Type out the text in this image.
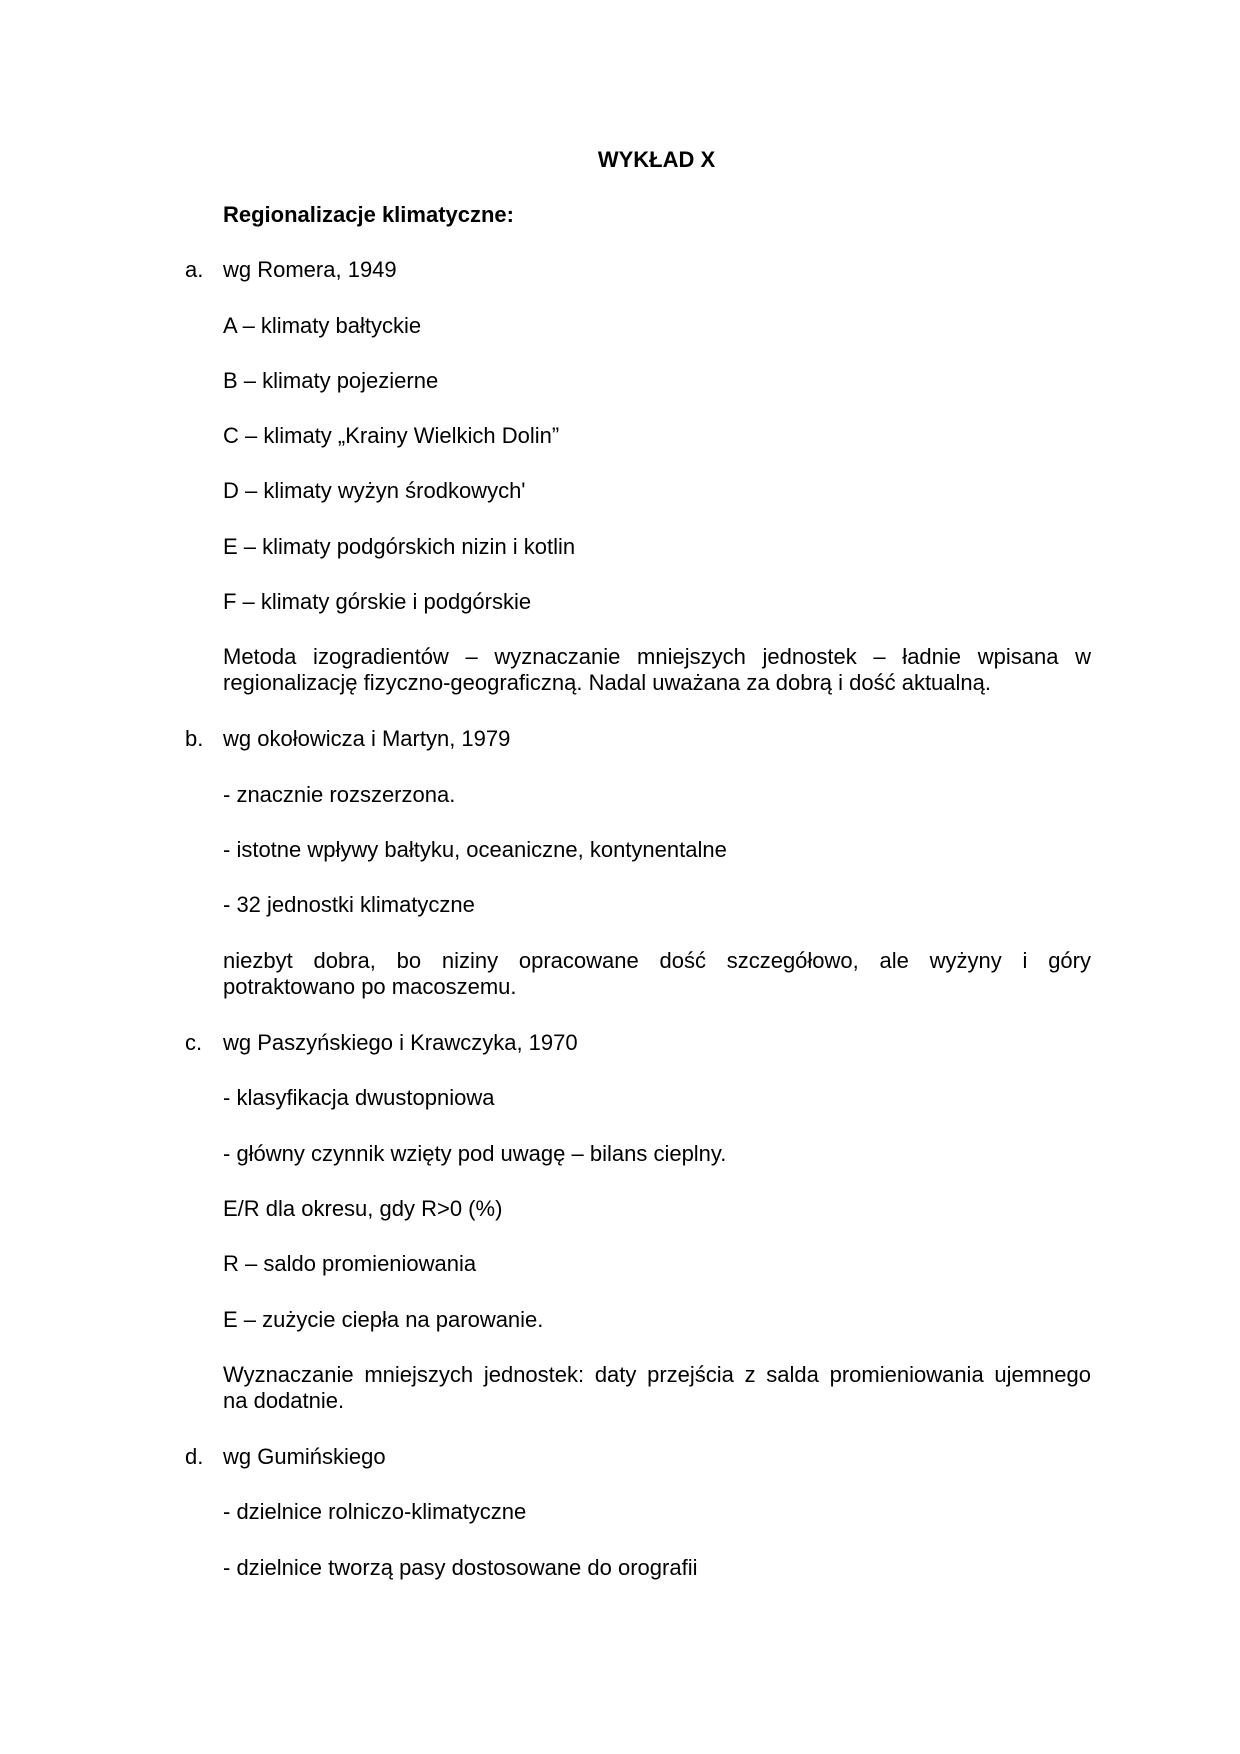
WYKŁAD X
Regionalizacje klimatyczne:
a. wg Romera, 1949
A – klimaty bałtyckie
B – klimaty pojezierne
C – klimaty „Krainy Wielkich Dolin”
D – klimaty wyżyn środkowych'
E – klimaty podgórskich nizin i kotlin
F – klimaty górskie i podgórskie
Metoda izogradientów – wyznaczanie mniejszych jednostek – ładnie wpisana w
regionalizację fizyczno-geograficzną. Nadal uważana za dobrą i dość aktualną.
b. wg okołowicza i Martyn, 1979
- znacznie rozszerzona.
- istotne wpływy bałtyku, oceaniczne, kontynentalne
- 32 jednostki klimatyczne
niezbyt dobra, bo niziny opracowane dość szczegółowo, ale wyżyny i góry
potraktowano po macoszemu.
c. wg Paszyńskiego i Krawczyka, 1970
- klasyfikacja dwustopniowa
- główny czynnik wzięty pod uwagę – bilans cieplny.
E/R dla okresu, gdy R>0 (%)
R – saldo promieniowania
E – zużycie ciepła na parowanie.
Wyznaczanie mniejszych jednostek: daty przejścia z salda promieniowania ujemnego
na dodatnie.
d. wg Gumińskiego
- dzielnice rolniczo-klimatyczne
- dzielnice tworzą pasy dostosowane do orografii
